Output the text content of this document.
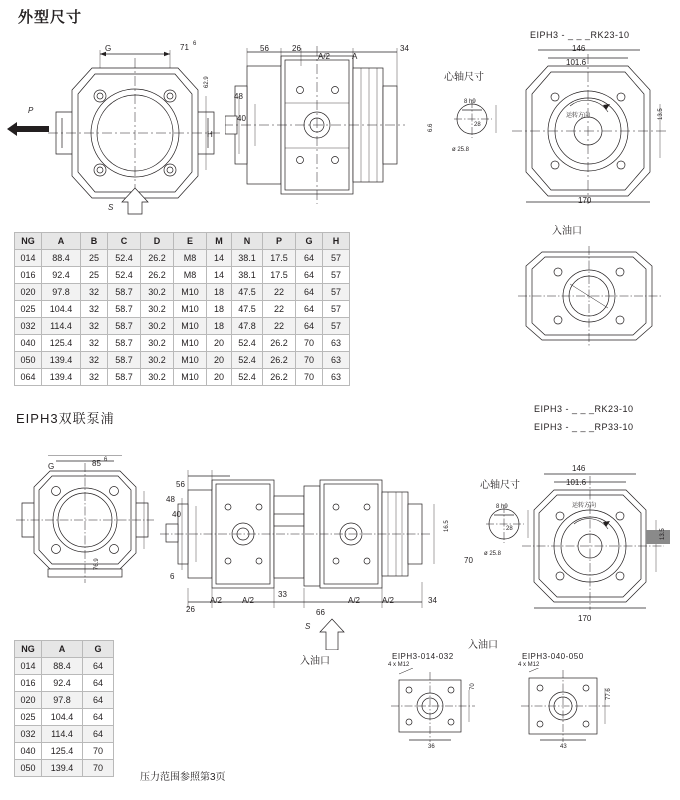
外型尺寸
EIPH3 - _ _ _RK23-10
G	71 6
H
P
S
56	26
A/2	A
34
48
40
62.9
6.6
心轴尺寸
8 h9
28
ø 25.8
146
101.6
170
13.5
运转方向
NG	A	B	C	D	E	M	N	P	G	H
014	88.4	25	52.4	26.2	M8	14	38.1	17.5	64	57
016	92.4	25	52.4	26.2	M8	14	38.1	17.5	64	57
020	97.8	32	58.7	30.2	M10	18	47.5	22	64	57
025	104.4	32	58.7	30.2	M10	18	47.5	22	64	57
032	114.4	32	58.7	30.2	M10	18	47.8	22	64	57
040	125.4	32	58.7	30.2	M10	20	52.4	26.2	70	63
050	139.4	32	58.7	30.2	M10	20	52.4	26.2	70	63
064	139.4	32	58.7	30.2	M10	20	52.4	26.2	70	63
入油口
EIPH3双联泵浦
EIPH3 - _ _ _RK23-10
EIPH3 - _ _ _RP33-10
G	85 6
76.9
56
48
40
6
26
A/2 A/2
33
66
A/2	A/2	34
70
16.5
S
入油口
心轴尺寸
8 h9
28
ø 25.8
146
101.6
170
13.5
运转方向
NG	A	G
014	88.4	64
016	92.4	64
020	97.8	64
025	104.4	64
032	114.4	64
040	125.4	70
050	139.4	70
压力范围参照第3页
EIPH3-014-032
4 x M12
70
36
EIPH3-040-050
4 x M12
77.6
43
入油口
